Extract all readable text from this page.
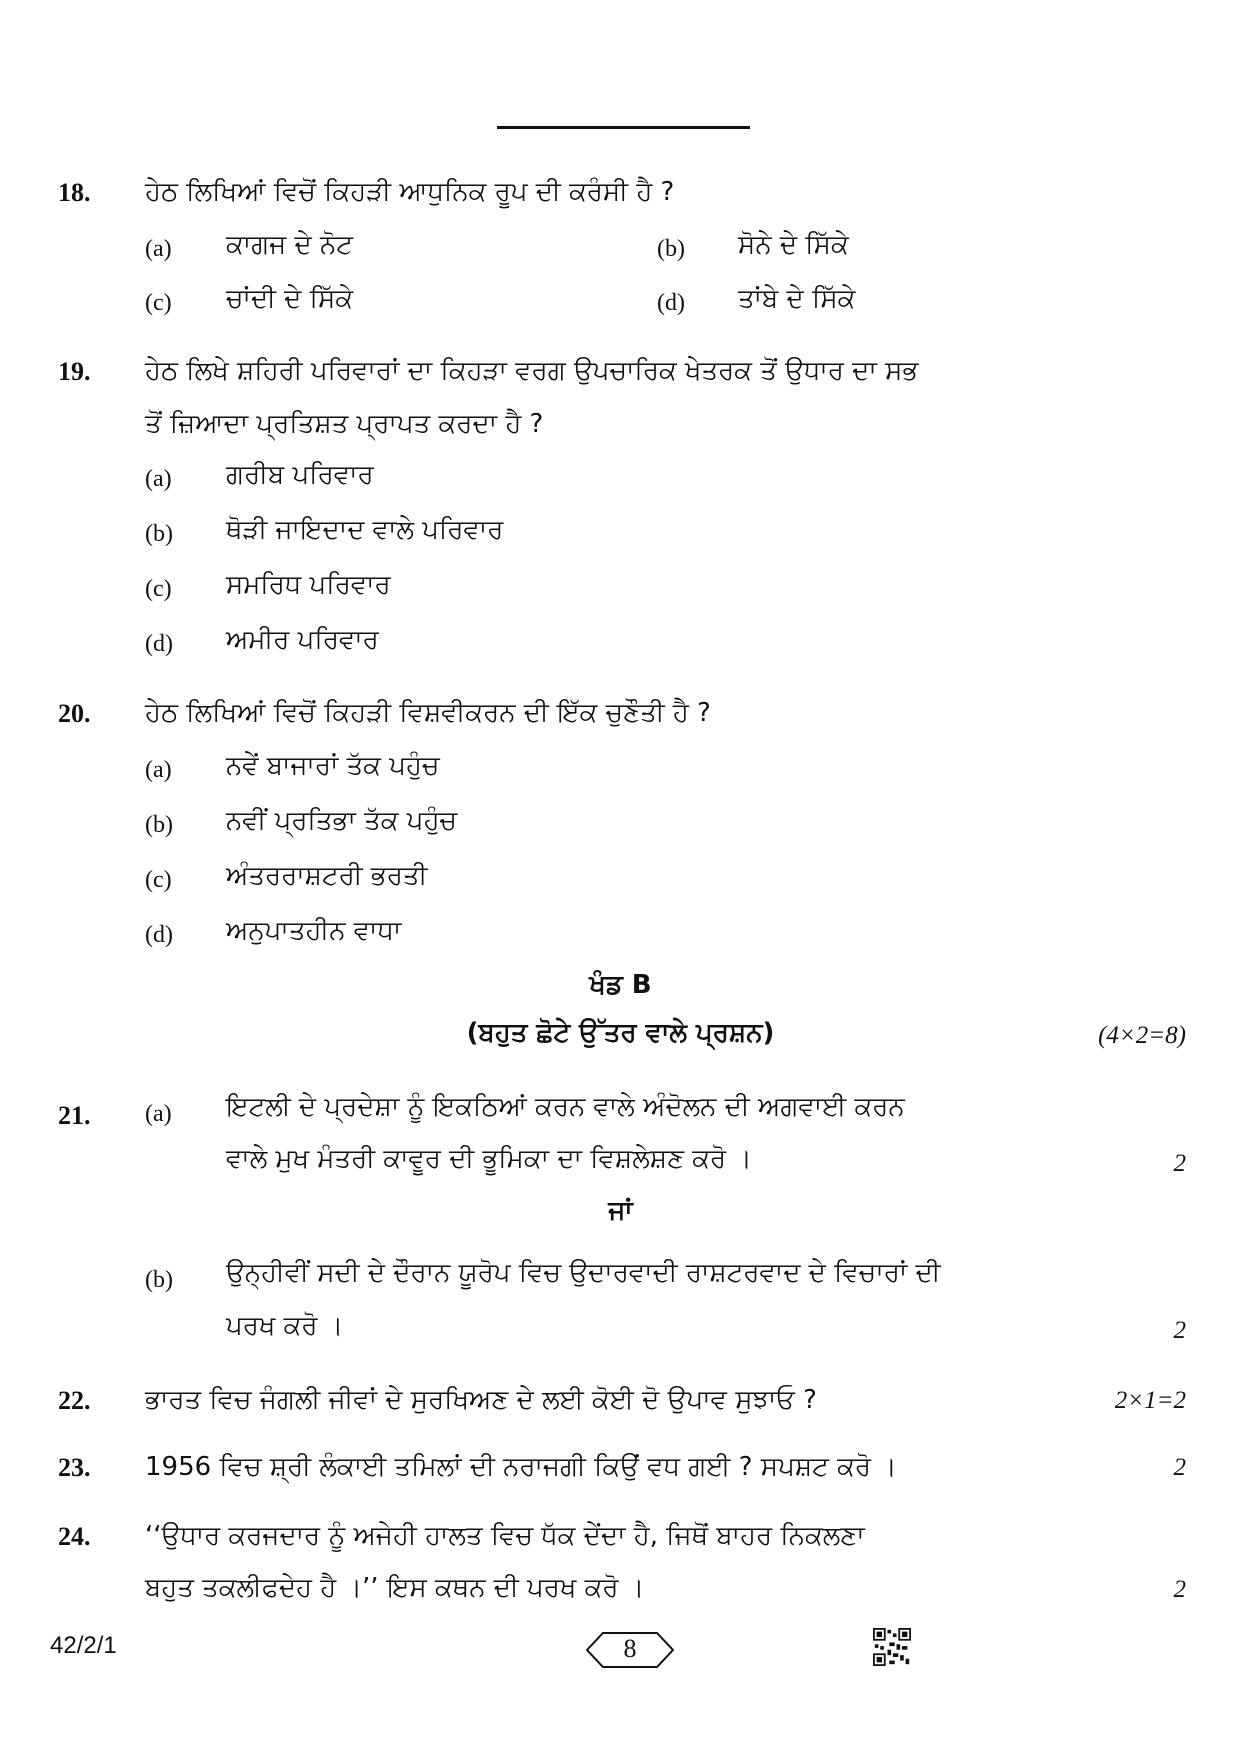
18. ਹੇਠ ਲਿਖਿਆਂ ਵਿਚੋਂ ਕਿਹੜੀ ਆਧੁਨਿਕ ਰੂਪ ਦੀ ਕਰੰਸੀ ਹੈ ?
(a) ਕਾਗਜ ਦੇ ਨੋਟ	(b) ਸੋਨੇ ਦੇ ਸਿੱਕੇ
(c) ਚਾਂਦੀ ਦੇ ਸਿੱਕੇ	(d) ਤਾਂਬੇ ਦੇ ਸਿੱਕੇ
19. ਹੇਠ ਲਿਖੇ ਸ਼ਹਿਰੀ ਪਰਿਵਾਰਾਂ ਦਾ ਕਿਹੜਾ ਵਰਗ ਉਪਚਾਰਿਕ ਖੇਤਰਕ ਤੋਂ ਉਧਾਰ ਦਾ ਸਭ
ਤੋਂ ਜ਼ਿਆਦਾ ਪ੍ਰਤਿਸ਼ਤ ਪ੍ਰਾਪਤ ਕਰਦਾ ਹੈ ?
(a) ਗਰੀਬ ਪਰਿਵਾਰ
(b) ਥੋੜੀ ਜਾਇਦਾਦ ਵਾਲੇ ਪਰਿਵਾਰ
(c) ਸਮਰਿਧ ਪਰਿਵਾਰ
(d) ਅਮੀਰ ਪਰਿਵਾਰ
20. ਹੇਠ ਲਿਖਿਆਂ ਵਿਚੋਂ ਕਿਹੜੀ ਵਿਸ਼ਵੀਕਰਨ ਦੀ ਇੱਕ ਚੁਣੌਤੀ ਹੈ ?
(a) ਨਵੇਂ ਬਾਜਾਰਾਂ ਤੱਕ ਪਹੁੰਚ
(b) ਨਵੀਂ ਪ੍ਰਤਿਭਾ ਤੱਕ ਪਹੁੰਚ
(c) ਅੰਤਰਰਾਸ਼ਟਰੀ ਭਰਤੀ
(d) ਅਨੁਪਾਤਹੀਨ ਵਾਧਾ
ਖੰਡ B
(ਬਹੁਤ ਛੋਟੇ ਉੱਤਰ ਵਾਲੇ ਪ੍ਰਸ਼ਨ)	(4×2=8)
21. (a) ਇਟਲੀ ਦੇ ਪ੍ਰਦੇਸ਼ਾ ਨੂੰ ਇਕਠਿਆਂ ਕਰਨ ਵਾਲੇ ਅੰਦੋਲਨ ਦੀ ਅਗਵਾਈ ਕਰਨ
ਵਾਲੇ ਮੁਖ ਮੰਤਰੀ ਕਾਵੂਰ ਦੀ ਭੂਮਿਕਾ ਦਾ ਵਿਸ਼ਲੇਸ਼ਣ ਕਰੋ ।	2
ਜਾਂ
(b) ਉਨ੍ਹੀਵੀਂ ਸਦੀ ਦੇ ਦੌਰਾਨ ਯੂਰੋਪ ਵਿਚ ਉਦਾਰਵਾਦੀ ਰਾਸ਼ਟਰਵਾਦ ਦੇ ਵਿਚਾਰਾਂ ਦੀ
ਪਰਖ ਕਰੋ ।	2
22. ਭਾਰਤ ਵਿਚ ਜੰਗਲੀ ਜੀਵਾਂ ਦੇ ਸੁਰਖਿਅਣ ਦੇ ਲਈ ਕੋਈ ਦੋ ਉਪਾਵ ਸੁਝਾਓ ?	2×1=2
23. 1956 ਵਿਚ ਸ਼੍ਰੀ ਲੰਕਾਈ ਤਮਿਲਾਂ ਦੀ ਨਰਾਜਗੀ ਕਿਉਂ ਵਧ ਗਈ ? ਸਪਸ਼ਟ ਕਰੋ ।	2
24. ‘‘ਉਧਾਰ ਕਰਜਦਾਰ ਨੂੰ ਅਜੇਹੀ ਹਾਲਤ ਵਿਚ ਧੱਕ ਦੇਂਦਾ ਹੈ, ਜਿਥੋਂ ਬਾਹਰ ਨਿਕਲਣਾ
ਬਹੁਤ ਤਕਲੀਫਦੇਹ ਹੈ ।’’ ਇਸ ਕਥਨ ਦੀ ਪਰਖ ਕਰੋ ।	2
42/2/1	8
